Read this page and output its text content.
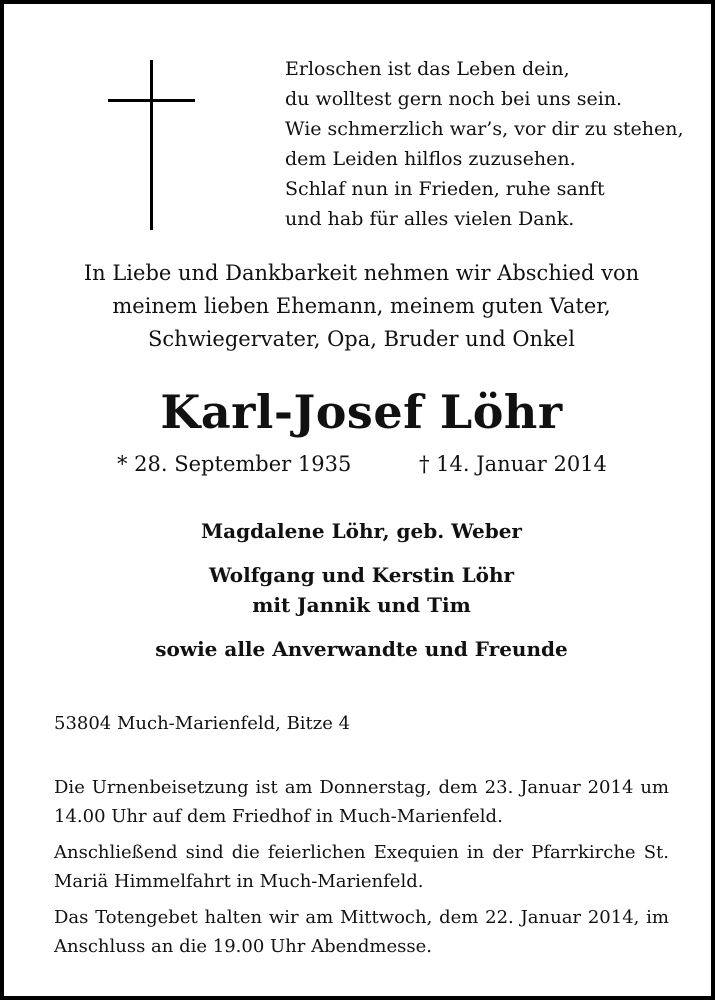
Erloschen ist das Leben dein,
du wolltest gern noch bei uns sein.
Wie schmerzlich war’s, vor dir zu stehen,
dem Leiden hilflos zuzusehen.
Schlaf nun in Frieden, ruhe sanft
und hab für alles vielen Dank.
In Liebe und Dankbarkeit nehmen wir Abschied von
meinem lieben Ehemann, meinem guten Vater,
Schwiegervater, Opa, Bruder und Onkel
Karl-Josef Löhr
* 28. September 1935	† 14. Januar 2014
Magdalene Löhr, geb. Weber
Wolfgang und Kerstin Löhr
mit Jannik und Tim
sowie alle Anverwandte und Freunde
53804 Much-Marienfeld, Bitze 4

Die Urnenbeisetzung ist am Donnerstag, dem 23. Januar 2014 um 14.00 Uhr auf dem Friedhof in Much-Marienfeld.

Anschließend sind die feierlichen Exequien in der Pfarrkirche St. Mariä Himmelfahrt in Much-Marienfeld.

Das Totengebet halten wir am Mittwoch, dem 22. Januar 2014, im Anschluss an die 19.00 Uhr Abendmesse.
